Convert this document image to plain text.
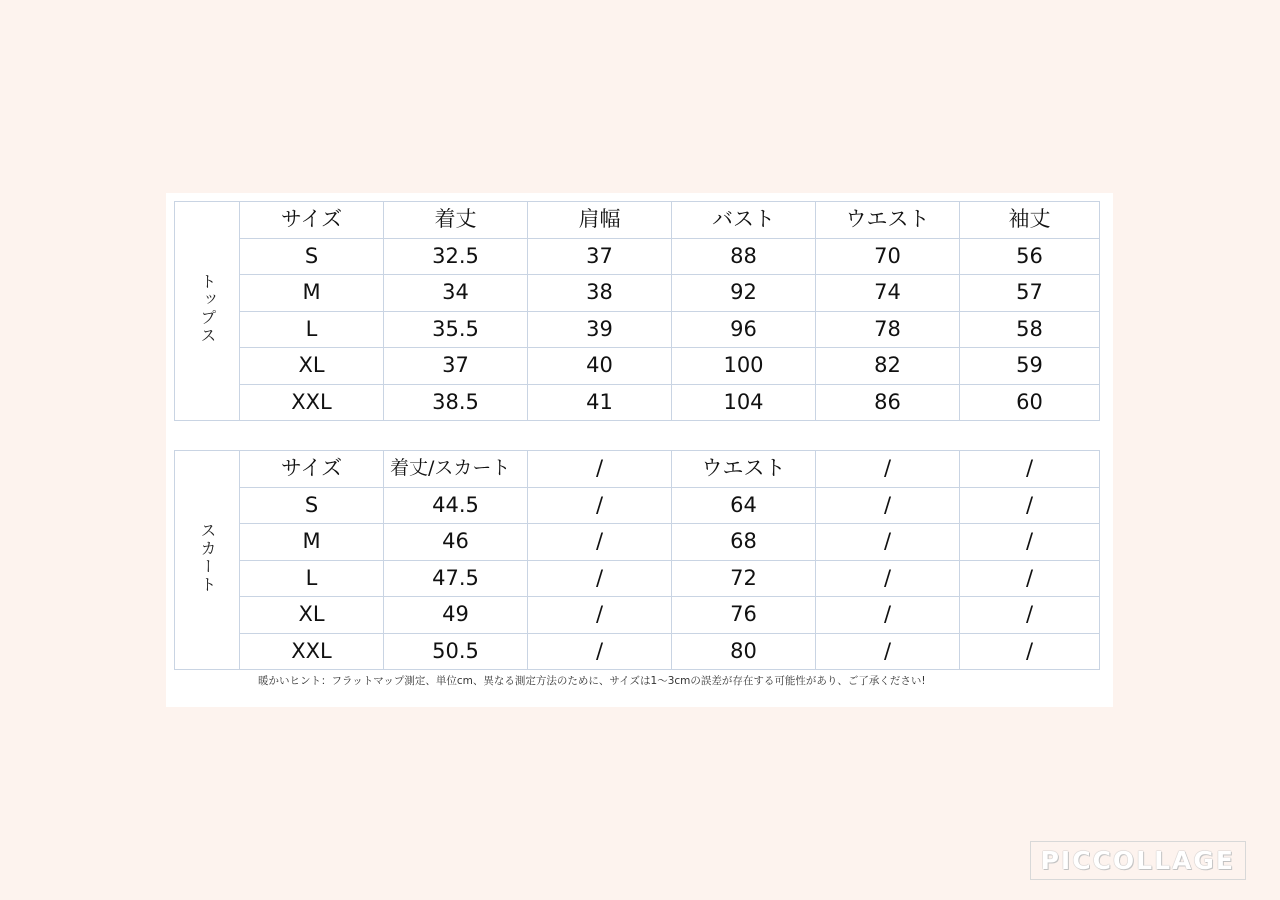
トップス	サイズ	着丈	肩幅	バスト	ウエスト	袖丈
	S	32.5	37	88	70	56
	M	34	38	92	74	57
	L	35.5	39	96	78	58
	XL	37	40	100	82	59
	XXL	38.5	41	104	86	60
スカート	サイズ	着丈/スカート	/	ウエスト	/	/
	S	44.5	/	64	/	/
	M	46	/	68	/	/
	L	47.5	/	72	/	/
	XL	49	/	76	/	/
	XXL	50.5	/	80	/	/
暖かいヒント：フラットマップ測定、単位cm、異なる測定方法のために、サイズは1〜3cmの誤差が存在する可能性があり、ご了承ください!
PICCOLLAGE
